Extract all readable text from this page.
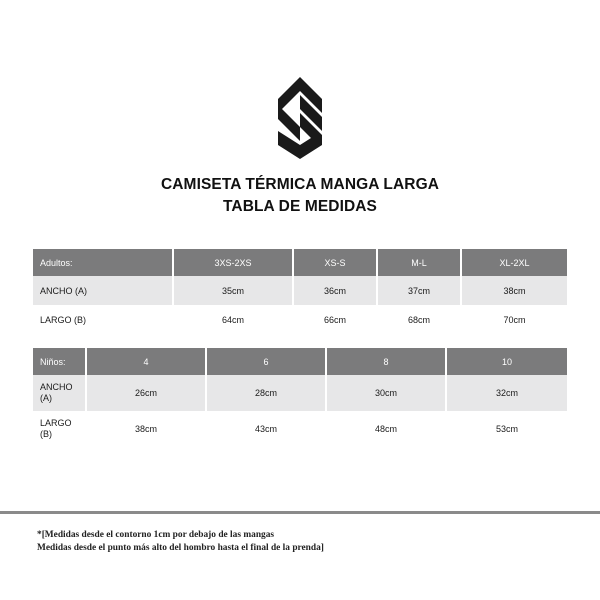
CAMISETA TÉRMICA MANGA LARGA
TABLA DE MEDIDAS
Adultos:	3XS-2XS	XS-S	M-L	XL-2XL
ANCHO (A)	35cm	36cm	37cm	38cm
LARGO (B)	64cm	66cm	68cm	70cm
Niños:	4	6	8	10
ANCHO
(A)	26cm	28cm	30cm	32cm
LARGO
(B)	38cm	43cm	48cm	53cm
*[Medidas desde el contorno 1cm por debajo de las mangas
Medidas desde el punto más alto del hombro hasta el final de la prenda]
